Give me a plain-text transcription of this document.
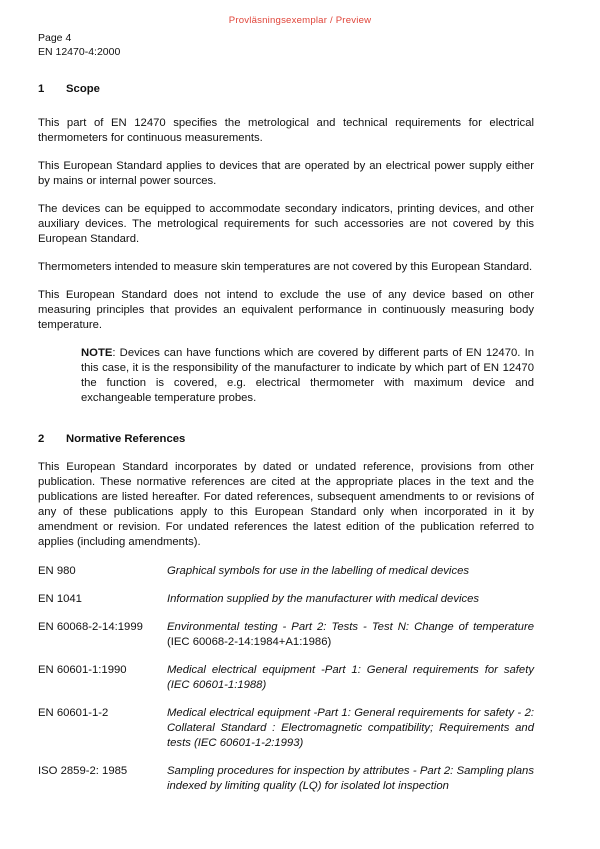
Provläsningsexemplar / Preview
Page 4
EN 12470-4:2000
1	Scope

This part of EN 12470 specifies the metrological and technical requirements for electrical thermometers for continuous measurements.

This European Standard applies to devices that are operated by an electrical power supply either by mains or internal power sources.

The devices can be equipped to accommodate secondary indicators, printing devices, and other auxiliary devices. The metrological requirements for such accessories are not covered by this European Standard.

Thermometers intended to measure skin temperatures are not covered by this European Standard.

This European Standard does not intend to exclude the use of any device based on other measuring principles that provides an equivalent performance in continuously measuring body temperature.

NOTE: Devices can have functions which are covered by different parts of EN 12470. In this case, it is the responsibility of the manufacturer to indicate by which part of EN 12470 the function is covered, e.g. electrical thermometer with maximum device and exchangeable temperature probes.
2	Normative References

This European Standard incorporates by dated or undated reference, provisions from other publication. These normative references are cited at the appropriate places in the text and the publications are listed hereafter. For dated references, subsequent amendments to or revisions of any of these publications apply to this European Standard only when incorporated in it by amendment or revision. For undated references the latest edition of the publication referred to applies (including amendments).

EN 980	Graphical symbols for use in the labelling of medical devices
EN 1041	Information supplied by the manufacturer with medical devices
EN 60068-2-14:1999	Environmental testing - Part 2: Tests - Test N: Change of temperature (IEC 60068-2-14:1984+A1:1986)
EN 60601-1:1990	Medical electrical equipment -Part 1: General requirements for safety (IEC 60601-1:1988)
EN 60601-1-2	Medical electrical equipment -Part 1: General requirements for safety - 2: Collateral Standard : Electromagnetic compatibility; Requirements and tests (IEC 60601-1-2:1993)
ISO 2859-2: 1985	Sampling procedures for inspection by attributes - Part 2: Sampling plans indexed by limiting quality (LQ) for isolated lot inspection
